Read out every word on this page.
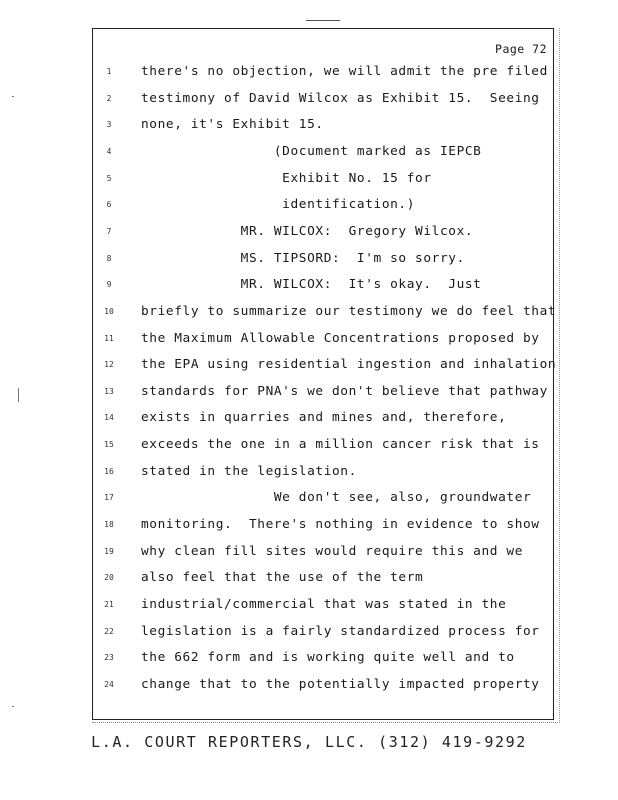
Page 72
1	there's no objection, we will admit the pre filed
2	testimony of David Wilcox as Exhibit 15.  Seeing
3	none, it's Exhibit 15.
4	(Document marked as IEPCB
5	Exhibit No. 15 for
6	identification.)
7	MR. WILCOX:  Gregory Wilcox.
8	MS. TIPSORD:  I'm so sorry.
9	MR. WILCOX:  It's okay.  Just
10	briefly to summarize our testimony we do feel that
11	the Maximum Allowable Concentrations proposed by
12	the EPA using residential ingestion and inhalation
13	standards for PNA's we don't believe that pathway
14	exists in quarries and mines and, therefore,
15	exceeds the one in a million cancer risk that is
16	stated in the legislation.
17	We don't see, also, groundwater
18	monitoring.  There's nothing in evidence to show
19	why clean fill sites would require this and we
20	also feel that the use of the term
21	industrial/commercial that was stated in the
22	legislation is a fairly standardized process for
23	the 662 form and is working quite well and to
24	change that to the potentially impacted property
L.A. COURT REPORTERS, LLC. (312) 419-9292
